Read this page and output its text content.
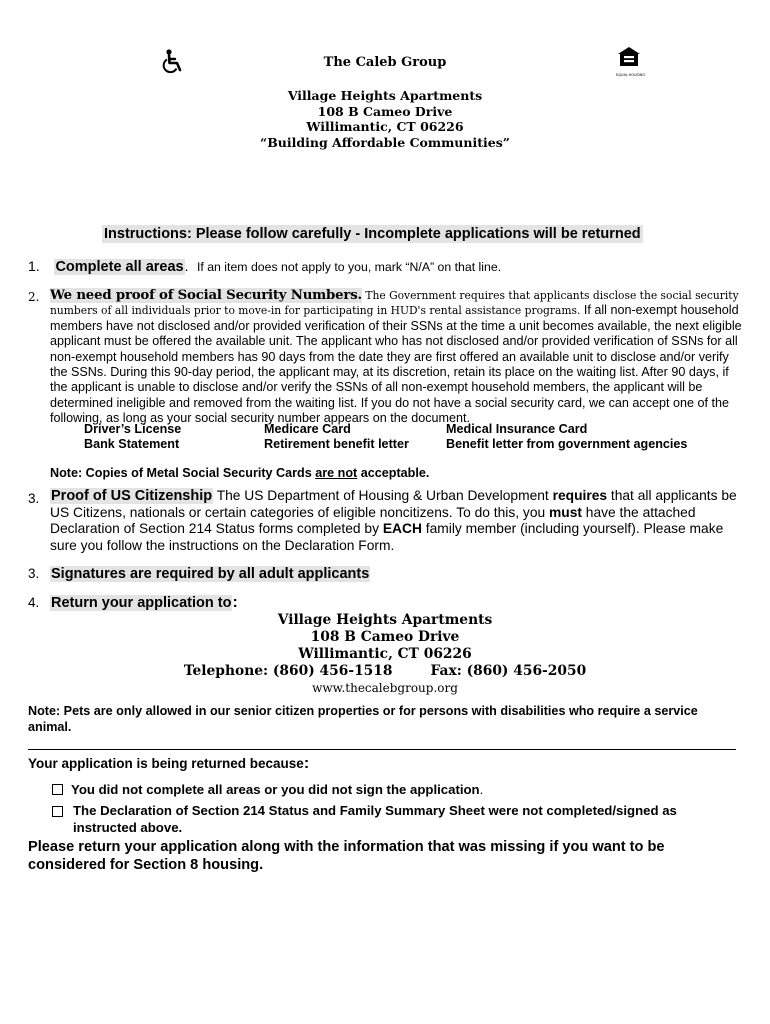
EQUAL HOUSING
The Caleb Group
Village Heights Apartments
108 B Cameo Drive
Willimantic, CT 06226
“Building Affordable Communities”
Instructions: Please follow carefully - Incomplete applications will be returned
1. Complete all areas. If an item does not apply to you, mark “N/A” on that line.
2. We need proof of Social Security Numbers. The Government requires that applicants disclose the social security numbers of all individuals prior to move-in for participating in HUD's rental assistance programs. If all non-exempt household members have not disclosed and/or provided verification of their SSNs at the time a unit becomes available, the next eligible applicant must be offered the available unit. The applicant who has not disclosed and/or provided verification of SSNs for all non-exempt household members has 90 days from the date they are first offered an available unit to disclose and/or verify the SSNs. During this 90-day period, the applicant may, at its discretion, retain its place on the waiting list. After 90 days, if the applicant is unable to disclose and/or verify the SSNs of all non-exempt household members, the applicant will be determined ineligible and removed from the waiting list. If you do not have a social security card, we can accept one of the following, as long as your social security number appears on the document.
Driver’s License	Medicare Card	Medical Insurance Card
Bank Statement	Retirement benefit letter	Benefit letter from government agencies
Note: Copies of Metal Social Security Cards are not acceptable.
3. Proof of US Citizenship The US Department of Housing & Urban Development requires that all applicants be US Citizens, nationals or certain categories of eligible noncitizens. To do this, you must have the attached Declaration of Section 214 Status forms completed by EACH family member (including yourself). Please make sure you follow the instructions on the Declaration Form.
3. Signatures are required by all adult applicants
4. Return your application to:
Village Heights Apartments
108 B Cameo Drive
Willimantic, CT 06226
Telephone: (860) 456-1518	Fax: (860) 456-2050
www.thecalebgroup.org
Note: Pets are only allowed in our senior citizen properties or for persons with disabilities who require a service animal.
Your application is being returned because:
You did not complete all areas or you did not sign the application.
The Declaration of Section 214 Status and Family Summary Sheet were not completed/signed as instructed above.
Please return your application along with the information that was missing if you want to be considered for Section 8 housing.
